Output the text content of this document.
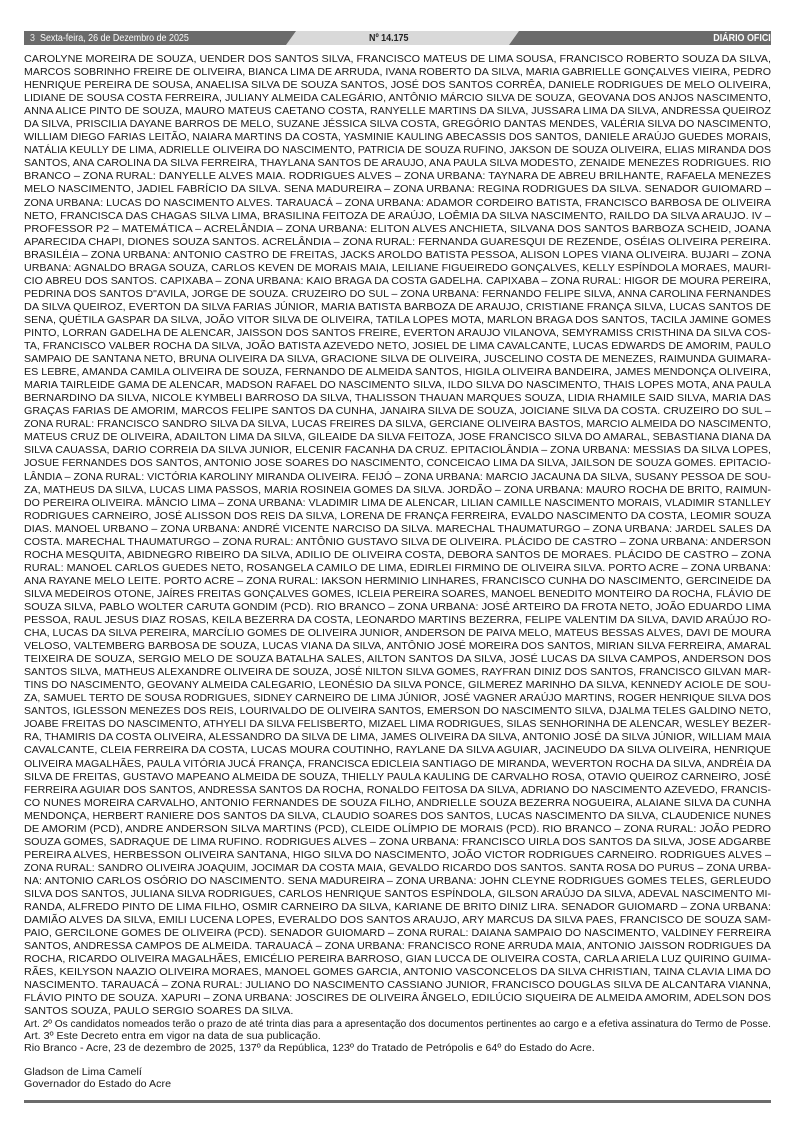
3 Sexta-feira, 26 de Dezembro de 2025	Nº 14.175	DIÁRIO OFICIAL
CAROLYNE MOREIRA DE SOUZA, UENDER DOS SANTOS SILVA, FRANCISCO MATEUS DE LIMA SOUSA, FRANCISCO ROBERTO SOUZA DA SILVA,
MARCOS SOBRINHO FREIRE DE OLIVEIRA, BIANCA LIMA DE ARRUDA, IVANA ROBERTO DA SILVA, MARIA GABRIELLE GONÇALVES VIEIRA, PEDRO
HENRIQUE PEREIRA DE SOUSA, ANAELISA SILVA DE SOUZA SANTOS, JOSÉ DOS SANTOS CORRÊA, DANIELE RODRIGUES DE MELO OLIVEIRA,
LIDIANE DE SOUSA COSTA FERREIRA, JULIANY ALMEIDA CALEGÁRIO, ANTÔNIO MÁRCIO SILVA DE SOUZA, GEOVANA DOS ANJOS NASCIMENTO,
ANNA ALICE PINTO DE SOUZA, MAURO MATEUS CAETANO COSTA, RANYELLE MARTINS DA SILVA, JUSSARA LIMA DA SILVA, ANDRESSA QUEIROZ
DA SILVA, PRISCILIA DAYANE BARROS DE MELO, SUZANE JÉSSICA SILVA COSTA, GREGÓRIO DANTAS MENDES, VALÉRIA SILVA DO NASCIMENTO,
WILLIAM DIEGO FARIAS LEITÃO, NAIARA MARTINS DA COSTA, YASMINIE KAULING ABECASSIS DOS SANTOS, DANIELE ARAÚJO GUEDES MORAIS,
NATÁLIA KEULLY DE LIMA, ADRIELLE OLIVEIRA DO NASCIMENTO, PATRICIA DE SOUZA RUFINO, JAKSON DE SOUZA OLIVEIRA, ELIAS MIRANDA DOS
SANTOS, ANA CAROLINA DA SILVA FERREIRA, THAYLANA SANTOS DE ARAUJO, ANA PAULA SILVA MODESTO, ZENAIDE MENEZES RODRIGUES. RIO
BRANCO – ZONA RURAL: DANYELLE ALVES MAIA. RODRIGUES ALVES – ZONA URBANA: TAYNARA DE ABREU BRILHANTE, RAFAELA MENEZES
MELO NASCIMENTO, JADIEL FABRÍCIO DA SILVA. SENA MADUREIRA – ZONA URBANA: REGINA RODRIGUES DA SILVA. SENADOR GUIOMARD –
ZONA URBANA: LUCAS DO NASCIMENTO ALVES. TARAUACÁ – ZONA URBANA: ADAMOR CORDEIRO BATISTA, FRANCISCO BARBOSA DE OLIVEIRA
NETO, FRANCISCA DAS CHAGAS SILVA LIMA, BRASILINA FEITOZA DE ARAÚJO, LOÊMIA DA SILVA NASCIMENTO, RAILDO DA SILVA ARAUJO. IV –
PROFESSOR P2 – MATEMÁTICA – ACRELÂNDIA – ZONA URBANA: ELITON ALVES ANCHIETA, SILVANA DOS SANTOS BARBOZA SCHEID, JOANA
APARECIDA CHAPI, DIONES SOUZA SANTOS. ACRELÂNDIA – ZONA RURAL: FERNANDA GUARESQUI DE REZENDE, OSÉIAS OLIVEIRA PEREIRA.
BRASILÉIA – ZONA URBANA: ANTONIO CASTRO DE FREITAS, JACKS AROLDO BATISTA PESSOA, ALISON LOPES VIANA OLIVEIRA. BUJARI – ZONA
URBANA: AGNALDO BRAGA SOUZA, CARLOS KEVEN DE MORAIS MAIA, LEILIANE FIGUEIREDO GONÇALVES, KELLY ESPÍNDOLA MORAES, MAURI-
CIO ABREU DOS SANTOS. CAPIXABA – ZONA URBANA: KAIO BRAGA DA COSTA GADELHA. CAPIXABA – ZONA RURAL: HIGOR DE MOURA PEREIRA,
PEDRINA DOS SANTOS D"AVILA, JORGE DE SOUZA. CRUZEIRO DO SUL – ZONA URBANA: FERNANDO FELIPE SILVA, ANNA CAROLINA FERNANDES
DA SILVA QUEIROZ, EVERTON DA SILVA FARIAS JÚNIOR, MARIA BATISTA BARBOZA DE ARAUJO, CRISTIANE FRANÇA SILVA, LUCAS SANTOS DE
SENA, QUÉTILA GASPAR DA SILVA, JOÃO VITOR SILVA DE OLIVEIRA, TATILA LOPES MOTA, MARLON BRAGA DOS SANTOS, TACILA JAMINE GOMES
PINTO, LORRAN GADELHA DE ALENCAR, JAISSON DOS SANTOS FREIRE, EVERTON ARAUJO VILANOVA, SEMYRAMISS CRISTHINA DA SILVA COS-
TA, FRANCISCO VALBER ROCHA DA SILVA, JOÃO BATISTA AZEVEDO NETO, JOSIEL DE LIMA CAVALCANTE, LUCAS EDWARDS DE AMORIM, PAULO
SAMPAIO DE SANTANA NETO, BRUNA OLIVEIRA DA SILVA, GRACIONE SILVA DE OLIVEIRA, JUSCELINO COSTA DE MENEZES, RAIMUNDA GUIMARA-
ES LEBRE, AMANDA CAMILA OLIVEIRA DE SOUZA, FERNANDO DE ALMEIDA SANTOS, HIGILA OLIVEIRA BANDEIRA, JAMES MENDONÇA OLIVEIRA,
MARIA TAIRLEIDE GAMA DE ALENCAR, MADSON RAFAEL DO NASCIMENTO SILVA, ILDO SILVA DO NASCIMENTO, THAIS LOPES MOTA, ANA PAULA
BERNARDINO DA SILVA, NICOLE KYMBELI BARROSO DA SILVA, THALISSON THAUAN MARQUES SOUZA, LIDIA RHAMILE SAID SILVA, MARIA DAS
GRAÇAS FARIAS DE AMORIM, MARCOS FELIPE SANTOS DA CUNHA, JANAIRA SILVA DE SOUZA, JOICIANE SILVA DA COSTA. CRUZEIRO DO SUL –
ZONA RURAL: FRANCISCO SANDRO SILVA DA SILVA, LUCAS FREIRES DA SILVA, GERCIANE OLIVEIRA BASTOS, MARCIO ALMEIDA DO NASCIMENTO,
MATEUS CRUZ DE OLIVEIRA, ADAILTON LIMA DA SILVA, GILEAIDE DA SILVA FEITOZA, JOSE FRANCISCO SILVA DO AMARAL, SEBASTIANA DIANA DA
SILVA CAUASSA, DARIO CORREIA DA SILVA JUNIOR, ELCENIR FACANHA DA CRUZ. EPITACIOLÂNDIA – ZONA URBANA: MESSIAS DA SILVA LOPES,
JOSUE FERNANDES DOS SANTOS, ANTONIO JOSE SOARES DO NASCIMENTO, CONCEICAO LIMA DA SILVA, JAILSON DE SOUZA GOMES. EPITACIO-
LÂNDIA – ZONA RURAL: VICTÓRIA KAROLINY MIRANDA OLIVEIRA. FEIJÓ – ZONA URBANA: MARCIO JACAUNA DA SILVA, SUSANY PESSOA DE SOU-
ZA, MATHEUS DA SILVA, LUCAS LIMA PASSOS, MARIA ROSINEIA GOMES DA SILVA. JORDÃO – ZONA URBANA: MAURO ROCHA DE BRITO, RAIMUN-
DO PEREIRA OLIVEIRA. MÂNCIO LIMA – ZONA URBANA: VLADIMIR LIMA DE ALENCAR, LILIAN CAMILLE NASCIMENTO MORAIS, VLADIMIR STANLLEY
RODRIGUES CARNEIRO, JOSÉ ALISSON DOS REIS DA SILVA, LORENA DE FRANÇA FERREIRA, EVALDO NASCIMENTO DA COSTA, LEOMIR SOUZA
DIAS. MANOEL URBANO – ZONA URBANA: ANDRÉ VICENTE NARCISO DA SILVA. MARECHAL THAUMATURGO – ZONA URBANA: JARDEL SALES DA
COSTA. MARECHAL THAUMATURGO – ZONA RURAL: ANTÔNIO GUSTAVO SILVA DE OLIVEIRA. PLÁCIDO DE CASTRO – ZONA URBANA: ANDERSON
ROCHA MESQUITA, ABIDNEGRO RIBEIRO DA SILVA, ADILIO DE OLIVEIRA COSTA, DEBORA SANTOS DE MORAES. PLÁCIDO DE CASTRO – ZONA
RURAL: MANOEL CARLOS GUEDES NETO, ROSANGELA CAMILO DE LIMA, EDIRLEI FIRMINO DE OLIVEIRA SILVA. PORTO ACRE – ZONA URBANA:
ANA RAYANE MELO LEITE. PORTO ACRE – ZONA RURAL: IAKSON HERMINIO LINHARES, FRANCISCO CUNHA DO NASCIMENTO, GERCINEIDE DA
SILVA MEDEIROS OTONE, JAÍRES FREITAS GONÇALVES GOMES, ICLEIA PEREIRA SOARES, MANOEL BENEDITO MONTEIRO DA ROCHA, FLÁVIO DE
SOUZA SILVA, PABLO WOLTER CARUTA GONDIM (PCD). RIO BRANCO – ZONA URBANA: JOSÉ ARTEIRO DA FROTA NETO, JOÃO EDUARDO LIMA
PESSOA, RAUL JESUS DIAZ ROSAS, KEILA BEZERRA DA COSTA, LEONARDO MARTINS BEZERRA, FELIPE VALENTIM DA SILVA, DAVID ARAÚJO RO-
CHA, LUCAS DA SILVA PEREIRA, MARCÍLIO GOMES DE OLIVEIRA JUNIOR, ANDERSON DE PAIVA MELO, MATEUS BESSAS ALVES, DAVI DE MOURA
VELOSO, VALTEMBERG BARBOSA DE SOUZA, LUCAS VIANA DA SILVA, ANTÔNIO JOSÉ MOREIRA DOS SANTOS, MIRIAN SILVA FERREIRA, AMARAL
TEIXEIRA DE SOUZA, SERGIO MELO DE SOUZA BATALHA SALES, AILTON SANTOS DA SILVA, JOSÉ LUCAS DA SILVA CAMPOS, ANDERSON DOS
SANTOS SILVA, MATHEUS ALEXANDRE OLIVEIRA DE SOUZA, JOSÉ NILTON SILVA GOMES, RAYFRAN DINIZ DOS SANTOS, FRANCISCO GILVAN MAR-
TINS DO NASCIMENTO, GEOVANY ALMEIDA CALEGARIO, LEONÉSIO DA SILVA PONCE, GILMEREZ MARINHO DA SILVA, KENNEDY ACIOLE DE SOU-
ZA, SAMUEL TERTO DE SOUSA RODRIGUES, SIDNEY CARNEIRO DE LIMA JÚNIOR, JOSÉ VAGNER ARAÚJO MARTINS, ROGER HENRIQUE SILVA DOS
SANTOS, IGLESSON MENEZES DOS REIS, LOURIVALDO DE OLIVEIRA SANTOS, EMERSON DO NASCIMENTO SILVA, DJALMA TELES GALDINO NETO,
JOABE FREITAS DO NASCIMENTO, ATHYELI DA SILVA FELISBERTO, MIZAEL LIMA RODRIGUES, SILAS SENHORINHA DE ALENCAR, WESLEY BEZER-
RA, THAMIRIS DA COSTA OLIVEIRA, ALESSANDRO DA SILVA DE LIMA, JAMES OLIVEIRA DA SILVA, ANTONIO JOSÉ DA SILVA JÚNIOR, WILLIAM MAIA
CAVALCANTE, CLEIA FERREIRA DA COSTA, LUCAS MOURA COUTINHO, RAYLANE DA SILVA AGUIAR, JACINEUDO DA SILVA OLIVEIRA, HENRIQUE
OLIVEIRA MAGALHÃES, PAULA VITÓRIA JUCÁ FRANÇA, FRANCISCA EDICLEIA SANTIAGO DE MIRANDA, WEVERTON ROCHA DA SILVA, ANDRÉIA DA
SILVA DE FREITAS, GUSTAVO MAPEANO ALMEIDA DE SOUZA, THIELLY PAULA KAULING DE CARVALHO ROSA, OTAVIO QUEIROZ CARNEIRO, JOSÉ
FERREIRA AGUIAR DOS SANTOS, ANDRESSA SANTOS DA ROCHA, RONALDO FEITOSA DA SILVA, ADRIANO DO NASCIMENTO AZEVEDO, FRANCIS-
CO NUNES MOREIRA CARVALHO, ANTONIO FERNANDES DE SOUZA FILHO, ANDRIELLE SOUZA BEZERRA NOGUEIRA, ALAIANE SILVA DA CUNHA
MENDONÇA, HERBERT RANIERE DOS SANTOS DA SILVA, CLAUDIO SOARES DOS SANTOS, LUCAS NASCIMENTO DA SILVA, CLAUDENICE NUNES
DE AMORIM (PCD), ANDRE ANDERSON SILVA MARTINS (PCD), CLEIDE OLÍMPIO DE MORAIS (PCD). RIO BRANCO – ZONA RURAL: JOÃO PEDRO
SOUZA GOMES, SADRAQUE DE LIMA RUFINO. RODRIGUES ALVES – ZONA URBANA: FRANCISCO UIRLA DOS SANTOS DA SILVA, JOSE ADGARBE
PEREIRA ALVES, HERBESSON OLIVEIRA SANTANA, HIGO SILVA DO NASCIMENTO, JOÃO VICTOR RODRIGUES CARNEIRO. RODRIGUES ALVES –
ZONA RURAL: SANDRO OLIVEIRA JOAQUIM, JOCIMAR DA COSTA MAIA, GEVALDO RICARDO DOS SANTOS. SANTA ROSA DO PURUS – ZONA URBA-
NA: ANTONIO CARLOS OSÓRIO DO NASCIMENTO. SENA MADUREIRA – ZONA URBANA: JOHN CLEYNE RODRIGUES GOMES TELES, GERLEUDO
SILVA DOS SANTOS, JULIANA SILVA RODRIGUES, CARLOS HENRIQUE SANTOS ESPÍNDOLA, GILSON ARAÚJO DA SILVA, ADEVAL NASCIMENTO MI-
RANDA, ALFREDO PINTO DE LIMA FILHO, OSMIR CARNEIRO DA SILVA, KARIANE DE BRITO DINIZ LIRA. SENADOR GUIOMARD – ZONA URBANA:
DAMIÃO ALVES DA SILVA, EMILI LUCENA LOPES, EVERALDO DOS SANTOS ARAUJO, ARY MARCUS DA SILVA PAES, FRANCISCO DE SOUZA SAM-
PAIO, GERCILONE GOMES DE OLIVEIRA (PCD). SENADOR GUIOMARD – ZONA RURAL: DAIANA SAMPAIO DO NASCIMENTO, VALDINEY FERREIRA
SANTOS, ANDRESSA CAMPOS DE ALMEIDA. TARAUACÁ – ZONA URBANA: FRANCISCO RONE ARRUDA MAIA, ANTONIO JAISSON RODRIGUES DA
ROCHA, RICARDO OLIVEIRA MAGALHÃES, EMICÉLIO PEREIRA BARROSO, GIAN LUCCA DE OLIVEIRA COSTA, CARLA ARIELA LUZ QUIRINO GUIMA-
RÃES, KEILYSON NAAZIO OLIVEIRA MORAES, MANOEL GOMES GARCIA, ANTONIO VASCONCELOS DA SILVA CHRISTIAN, TAINA CLAVIA LIMA DO
NASCIMENTO. TARAUACÁ – ZONA RURAL: JULIANO DO NASCIMENTO CASSIANO JUNIOR, FRANCISCO DOUGLAS SILVA DE ALCANTARA VIANNA,
FLÁVIO PINTO DE SOUZA. XAPURI – ZONA URBANA: JOSCIRES DE OLIVEIRA ÂNGELO, EDILÚCIO SIQUEIRA DE ALMEIDA AMORIM, ADELSON DOS
SANTOS SOUZA, PAULO SERGIO SOARES DA SILVA.
Art. 2º Os candidatos nomeados terão o prazo de até trinta dias para a apresentação dos documentos pertinentes ao cargo e a efetiva assinatura do Termo de Posse.
Art. 3º Este Decreto entra em vigor na data de sua publicação.
Rio Branco - Acre, 23 de dezembro de 2025, 137º da República, 123º do Tratado de Petrópolis e 64º do Estado do Acre.
Gladson de Lima Camelí
Governador do Estado do Acre
